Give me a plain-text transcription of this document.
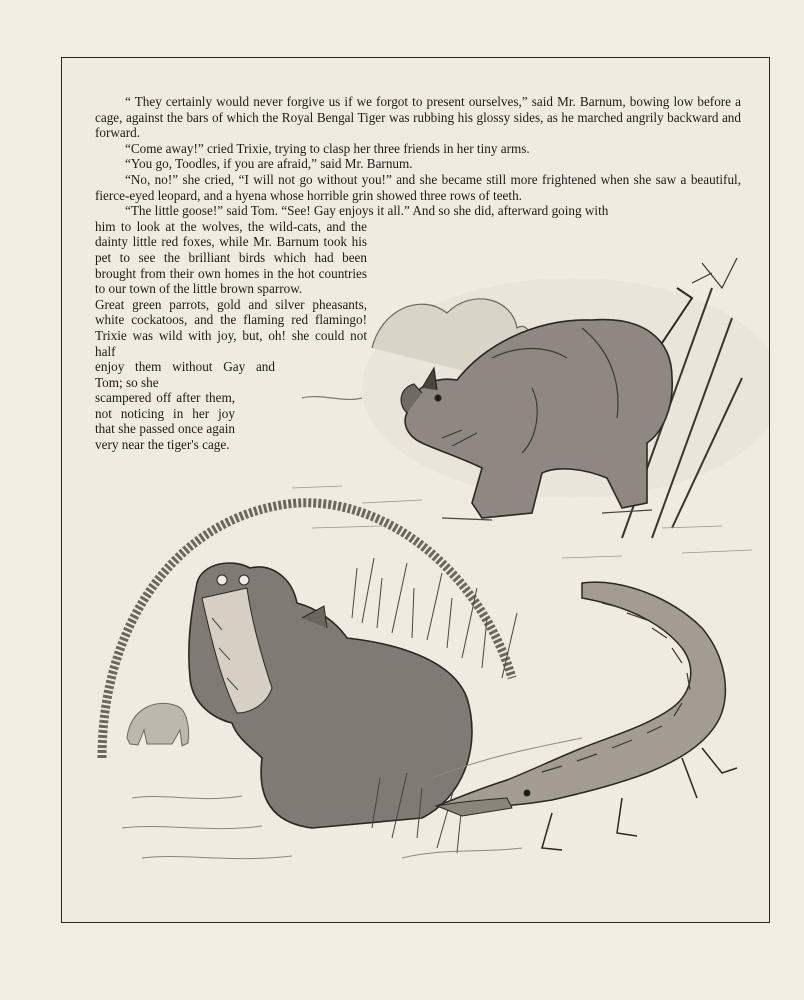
“ They certainly would never forgive us if we forgot to present ourselves,” said Mr. Barnum, bowing low before a cage, against the bars of which the Royal Bengal Tiger was rubbing his glossy sides, as he marched angrily backward and forward.

“Come away!” cried Trixie, trying to clasp her three friends in her tiny arms.

“You go, Toodles, if you are afraid,” said Mr. Barnum.

“No, no!” she cried, “I will not go without you!” and she became still more frightened when she saw a beautiful, fierce-eyed leopard, and a hyena whose horrible grin showed three rows of teeth.

“The little goose!” said Tom. “See! Gay enjoys it all.” And so she did, afterward going with

him to look at the wolves, the wild-cats, and the dainty little red foxes, while Mr. Barnum took his pet to see the brilliant birds which had been brought from their own homes in the hot countries to our town of the little brown sparrow.

Great green parrots, gold and silver pheasants, white cockatoos, and the flaming red flamingo! Trixie was wild with joy, but, oh! she could not half

enjoy them without Gay and Tom; so she

scampered off after them, not noticing in her joy that she passed once again very near the tiger's cage.
